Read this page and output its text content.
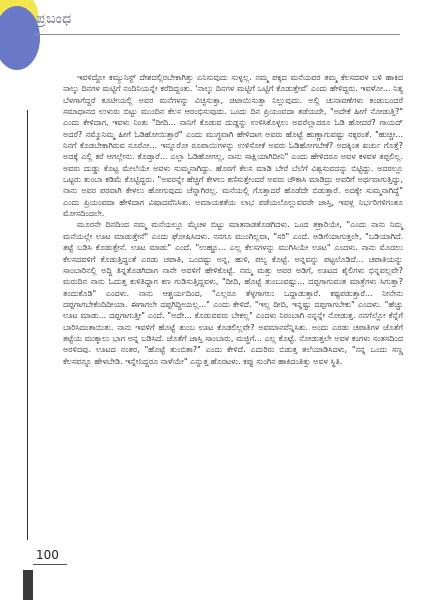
ಪ್ರಬಂಧ

ಇವಳಿದ್ದೋ ಕಮ್ಯುನಿಸ್ಟ್ ದೇಶದಲ್ಲಿರಬೇಕಾಗಿತ್ತು ಎನಿಸುವುದು ಸುಳ್ಳಲ್ಲ. ನಮ್ಮ ಪಕ್ಕದ ಮನೆಯವರ ತಮ್ಮ ಕೆಲಸದವಳ ಬಳಿ ಹಾಕಿದ ನಾಲ್ಕು ದಿನಗಳ ಮಟ್ಟಿಗೆ ನಂದಿನಿಯನ್ನೇ ಕರೆದಿದ್ದಂತು. 'ನಾಲ್ಕು ದಿನಗಳ ಮಟ್ಟಿಗೆ ಒಟ್ಟಿಗೆ ಕೊಡುತ್ತೇವೆ' ಎಂದು ಹೇಳಿದ್ದರು. ಇವಳೋ... ನಿತ್ಯ ಬೆಳಗಾಗೆದ್ದರೆ ಕೂಟೀಯಲ್ಲಿ ಅವರ ಮನೆಗಳನ್ನು ವಿಚ್ಛಿಸುತ್ತಾ, ಚಿಟಾಯಿಸುತ್ತಾ ನಿಲ್ಲುವುದು. ಅಲ್ಲಿ ಚುನಾವಣೆಗಳು ಕಂಡುಬಂದರೆ ಸಮಾಧಾನದ ಉಳುರು ಬಿಟ್ಟು ಮುಂದಿನ ಕೆಲಸ ಆರಂಭಿಸುವುದು. ಒಂದು ದಿನ ಪ್ರಿಯಂವದಾ ತಡೆಯದೇ, "ಅದೇಕೆ ಹೀಗೆ ನೋಡುತ್ತಿ?" ಎಂದು ಕೇಳಿದಾಗ, ಇವಳು ನಿಂತು "ದೀದಿ... ನಾನಿಗೆ ಕೊಡುವ ದುಡ್ಡನ್ನು ಉಳಿಸಿಕೊಳ್ಳಲು ಅವರೆಲ್ಲಾದರೂ ಓಡಿ ಹೋದರೆ? ಗಾಯದ್ ಅದರೆ? ನಮ್ಮೊನಿಮ್ಮ ಹೀಗೆ ಓಡಿಹೋಯಿತ್ತಾರೆ" ಎಂದು ಮುಗ್ಧವಾಗಿ ಹೇಳಿದಾಗ ಅವರು ಹೊಟ್ಟೆ ಹುಣ್ಣಾಗುವಷ್ಟು ನಕ್ಕರಂತೆ. "ಹುಚ್ಚೀ... ನಿನಗೆ ಕೊಡಬೇಕಾಗಿರುವ ನೂರೋ... ಇನ್ನೂರೋ ರೂಪಾಯಿಗಳನ್ನು ಉಳಿಸೋಕೆ ಅವರು ಓಡಿಹೋಗಬೇಕೆ? ಅದಕ್ಕಿಂತ ಖರ್ಚು ಗೊತ್ತೆ? ಅದಕ್ಕೆ ಎಲ್ಲಿ ಕರೆ ಆಗಲ್ಲೇನು. ಕೊಡ್ತಾರೆ... ಎಲ್ಲಾ ಓಡಿಹೋಗಲ್ಲ, ನಾನು ಸಾಕ್ಷಿಯಾಗಿದೀನಿ" ಎಂದು ಹೇಳಿದರೂ ಅವಳ ಕಳವಳ ತಪ್ಪಲಿಲ್ಲ. ಅವರು ದುಡ್ಡು ಕೊಟ್ಟ ಮೇಲೆಯೇ ಅವಳು ಸುಮ್ಮನಾಗಿದ್ದು. ಹೊರಗೆ ಕೆಲಸ ಮಾಡಿ ಬೇರೆ ಬೆಲೆಗೆ ವಿಶ್ವಸುವದನ್ನು ಬಿಟ್ಟಿದ್ದು. ಅದರಲ್ಲೂ ಒಟ್ಟರು ತುಂಬಾ ಕಡಿಮೆ ಕೊಟ್ಟಿದ್ದರು. "ಅವರನ್ನೇ ಹೆಚ್ಚಿಗೆ ಕೇಳಲು ಕಣಿಸುತ್ತೇಂದರೆ ಅವರು ಚೌಕಾಸಿ ಮಾಡಿದ್ರು ಅವರಿಗೆ ಅರ್ಥವಾಗುತ್ತಿದ್ದು, ನಾನು ಅವರ ಪರವಾಗಿ ಕೇಳಲು ಹೋಗುವುದು ಚೆನ್ನಾಗಿರಲ್ಲ. ಮನೆಯಲ್ಲಿ ಗೊತ್ತಾದರೆ ಹೊಡೆದೇ ಬಿಡುತ್ತಾರೆ. ಅದಕ್ಕೇ ಸುಮ್ಮನಾಗಿದ್ದೆ" ಎಂದು ಪ್ರಿಯಂವದಾ ಹೇಳಿದಾಗ ವಿಷಾದವೆನಿಸಿತು. ಅಮಾಯಕತೆಯ ಲಾಭ ಪಡೆಯಲೊಲ್ಲುವವರೇ ಜಾಸ್ತಿ, ಇವಳ್ಲ ನಿರ್ಭರಿಗಳಿಗಂತೂ ಮೋಸದಿಂದಲೇ.

ಮೂರನೇ ದಿನದಿಂದ ನಮ್ಮ ಮನೆಯಲ್ಲೂ ಮೈಚಳ ಬಿಟ್ಟು ಮಾತನಾಡತೊಡಗಿದಳು. ಒಂದ ತಕ್ರಾರಿಯೇ, "ಎಂದು ನಾನು ನಿಮ್ಮ ಮನೆಯಲ್ಲೇ ಊಟ ಮಾಡುತ್ತೇನೆ" ಎಂದು ಘೋಷಿಸಿದಳು. ನನಗೂ ಮುಂಗಿಲ್ಲವಾ, "ಸರಿ" ಎಂದೆ. ಅಡಿಗೆಯಾಗುತ್ತಲೇ, "ಬಡಿಯಾಗಿದೆ. ತಟ್ಟೆ ಬಡಿಸಿ ಕೊಡುತ್ತೇನೆ. ಊಟ ಮಾಡು" ಎಂದೆ. "ಉಹ್ಹೂ... ಎಲ್ಲ ಕೆಲಸಗಳನ್ನು ಮುಗಿಸಿಯೇ ಊಟ" ಎಂದಳು. ನಾನು ಮೊದಲು ಕೆಲಸದವಳಿಗೆ ಕೊಡುತ್ತಿದ್ದಂತೆ ಎರಡು ಚಪಾತಿ, ಒಂದಷ್ಟು ಅನ್ನ, ಹುಳಿ, ಪಲ್ಯ ಕೊಟ್ಟೆ. ಅನ್ನವನ್ನು ಪಟ್ಟಲೊಡಿದೆ... ಚಪಾತಿಯನ್ನು ಸಾಂಬಾರಿನಲ್ಲಿ ಅದ್ದಿ ತಿನ್ನತೊಡಗಿದಾಗ ನಾನೇ ಅವಳಿಗೆ ಹೇಳಿಕೊಟ್ಟೆ. ನಮ್ಮ ಮತ್ತು ಅವರ ಅಡಿಗೆ, ಊಟದ ಶೈಲಿಗಳು ಭಿನ್ನವಲ್ಲವೇ? ಮರುದಿನ ನಾನು ಓದುತ್ತ ಕುಳಿತಿದ್ದಾಗ ಕಣ ಗುಡಿಸುತ್ತಿದ್ದವಳು, "ದೀದಿ, ಹೊಟ್ಟೆ ತುಂಬುವಷ್ಟು... ದಪ್ಪಗಾಗುವಂತ ಮಾತ್ರೆಗಳು ಸಿಗುತ್ತಾ? ತಂದುಕೊಡಿ" ಎಂದಳು. ನಾನು ಆಶ್ಚರ್ಯದಿಂದ, "ಎಲ್ಲರೂ ತೆಳ್ಳಗಾಗಲು ಒದ್ದಾಡುತ್ತಾರೆ. ಕಷ್ಟಪಡುತ್ತಾರೆ... ನೀನೇನು ದಪ್ಪಗಾಗಬೇಕೆಂದಿದೀಯಾ. ಈಗಾಗಲೇ ದಪ್ಪಗಿದ್ದೀಯಲ್ಲ..." ಎಂದು ಕೇಳಿದೆ. "ಇಲ್ಲ ದೀದಿ, ಇನ್ನಷ್ಟು ದಪ್ಪಗಾಗಬೇಕು" ಎಂದಳು. "ಹೆಚ್ಚು ಊಟ ಮಾಡು... ದಪ್ಪಗಾಗುತ್ತೀ" ಎಂದೆ. "ಅದೇ... ಕೊಡುವವರು ಬೇಕಲ್ಲ" ಎಂದಳು ನಿರಂಬಾಗಿ ನನ್ನನ್ನೇ ನೋಡುತ್ತ. ನನಗೆಲ್ಲೋ ಕೆನ್ನೆಗೆ ಬಾರಿಸಿದಂತಾಯಿತು. ನಾನು ಇವಳಿಗೆ ಹೊಟ್ಟೆ ತುಂಬ ಊಟ ಕೊಡಲಿಲ್ಲವೇ? ಅವಮಾನವೆನ್ನಿಸಿತು. ಅಂದು ಎರಡು ಚಪಾತಿಗಳ ಜೊತೆಗೆ ತಟ್ಟೆಯ ಮುಕ್ಕಾಲು ಭಾಗ ಅನ್ನ ಬಡಿಸಿದೆ. ಜೊತೆಗೆ ಜಾಸ್ತಿ ಸಾಂಬಾರು, ಮಜ್ಜಿಗೆ... ಎಲ್ಲ ಕೊಟ್ಟೆ. ನೋಡುತ್ತಲೇ ಅವಳ ಕಂಗಳು ಸಂತಸದಿಂದ ಅರಳಿದವು. ಊಟದ ನಂತರ, "ಹೊಟ್ಟೆ ತುಂಬಿತಾ?" ಎಂದು ಕೇಳಿದೆ. ಎದುರಿರು ಬಿಡುತ್ತ ತಲೆಯಾಡಿಸಿದಳು, "ನನ್ನ ಒಂದು ಸಣ್ಣ ಕೆಲಸವನ್ನೂ ಹೇಳಬೇಡಿ. ಇನ್ನೇನಿದ್ದರೂ ನಾಳೆಯೇ" ಎನ್ನುತ್ತ ಹೊರಟಳು. ಕಪ್ಪು ಸುಂಗಿನ ಹಾಕಿದಂತಿತ್ತು ಅವಳ ಸ್ಥಿತಿ.

100
